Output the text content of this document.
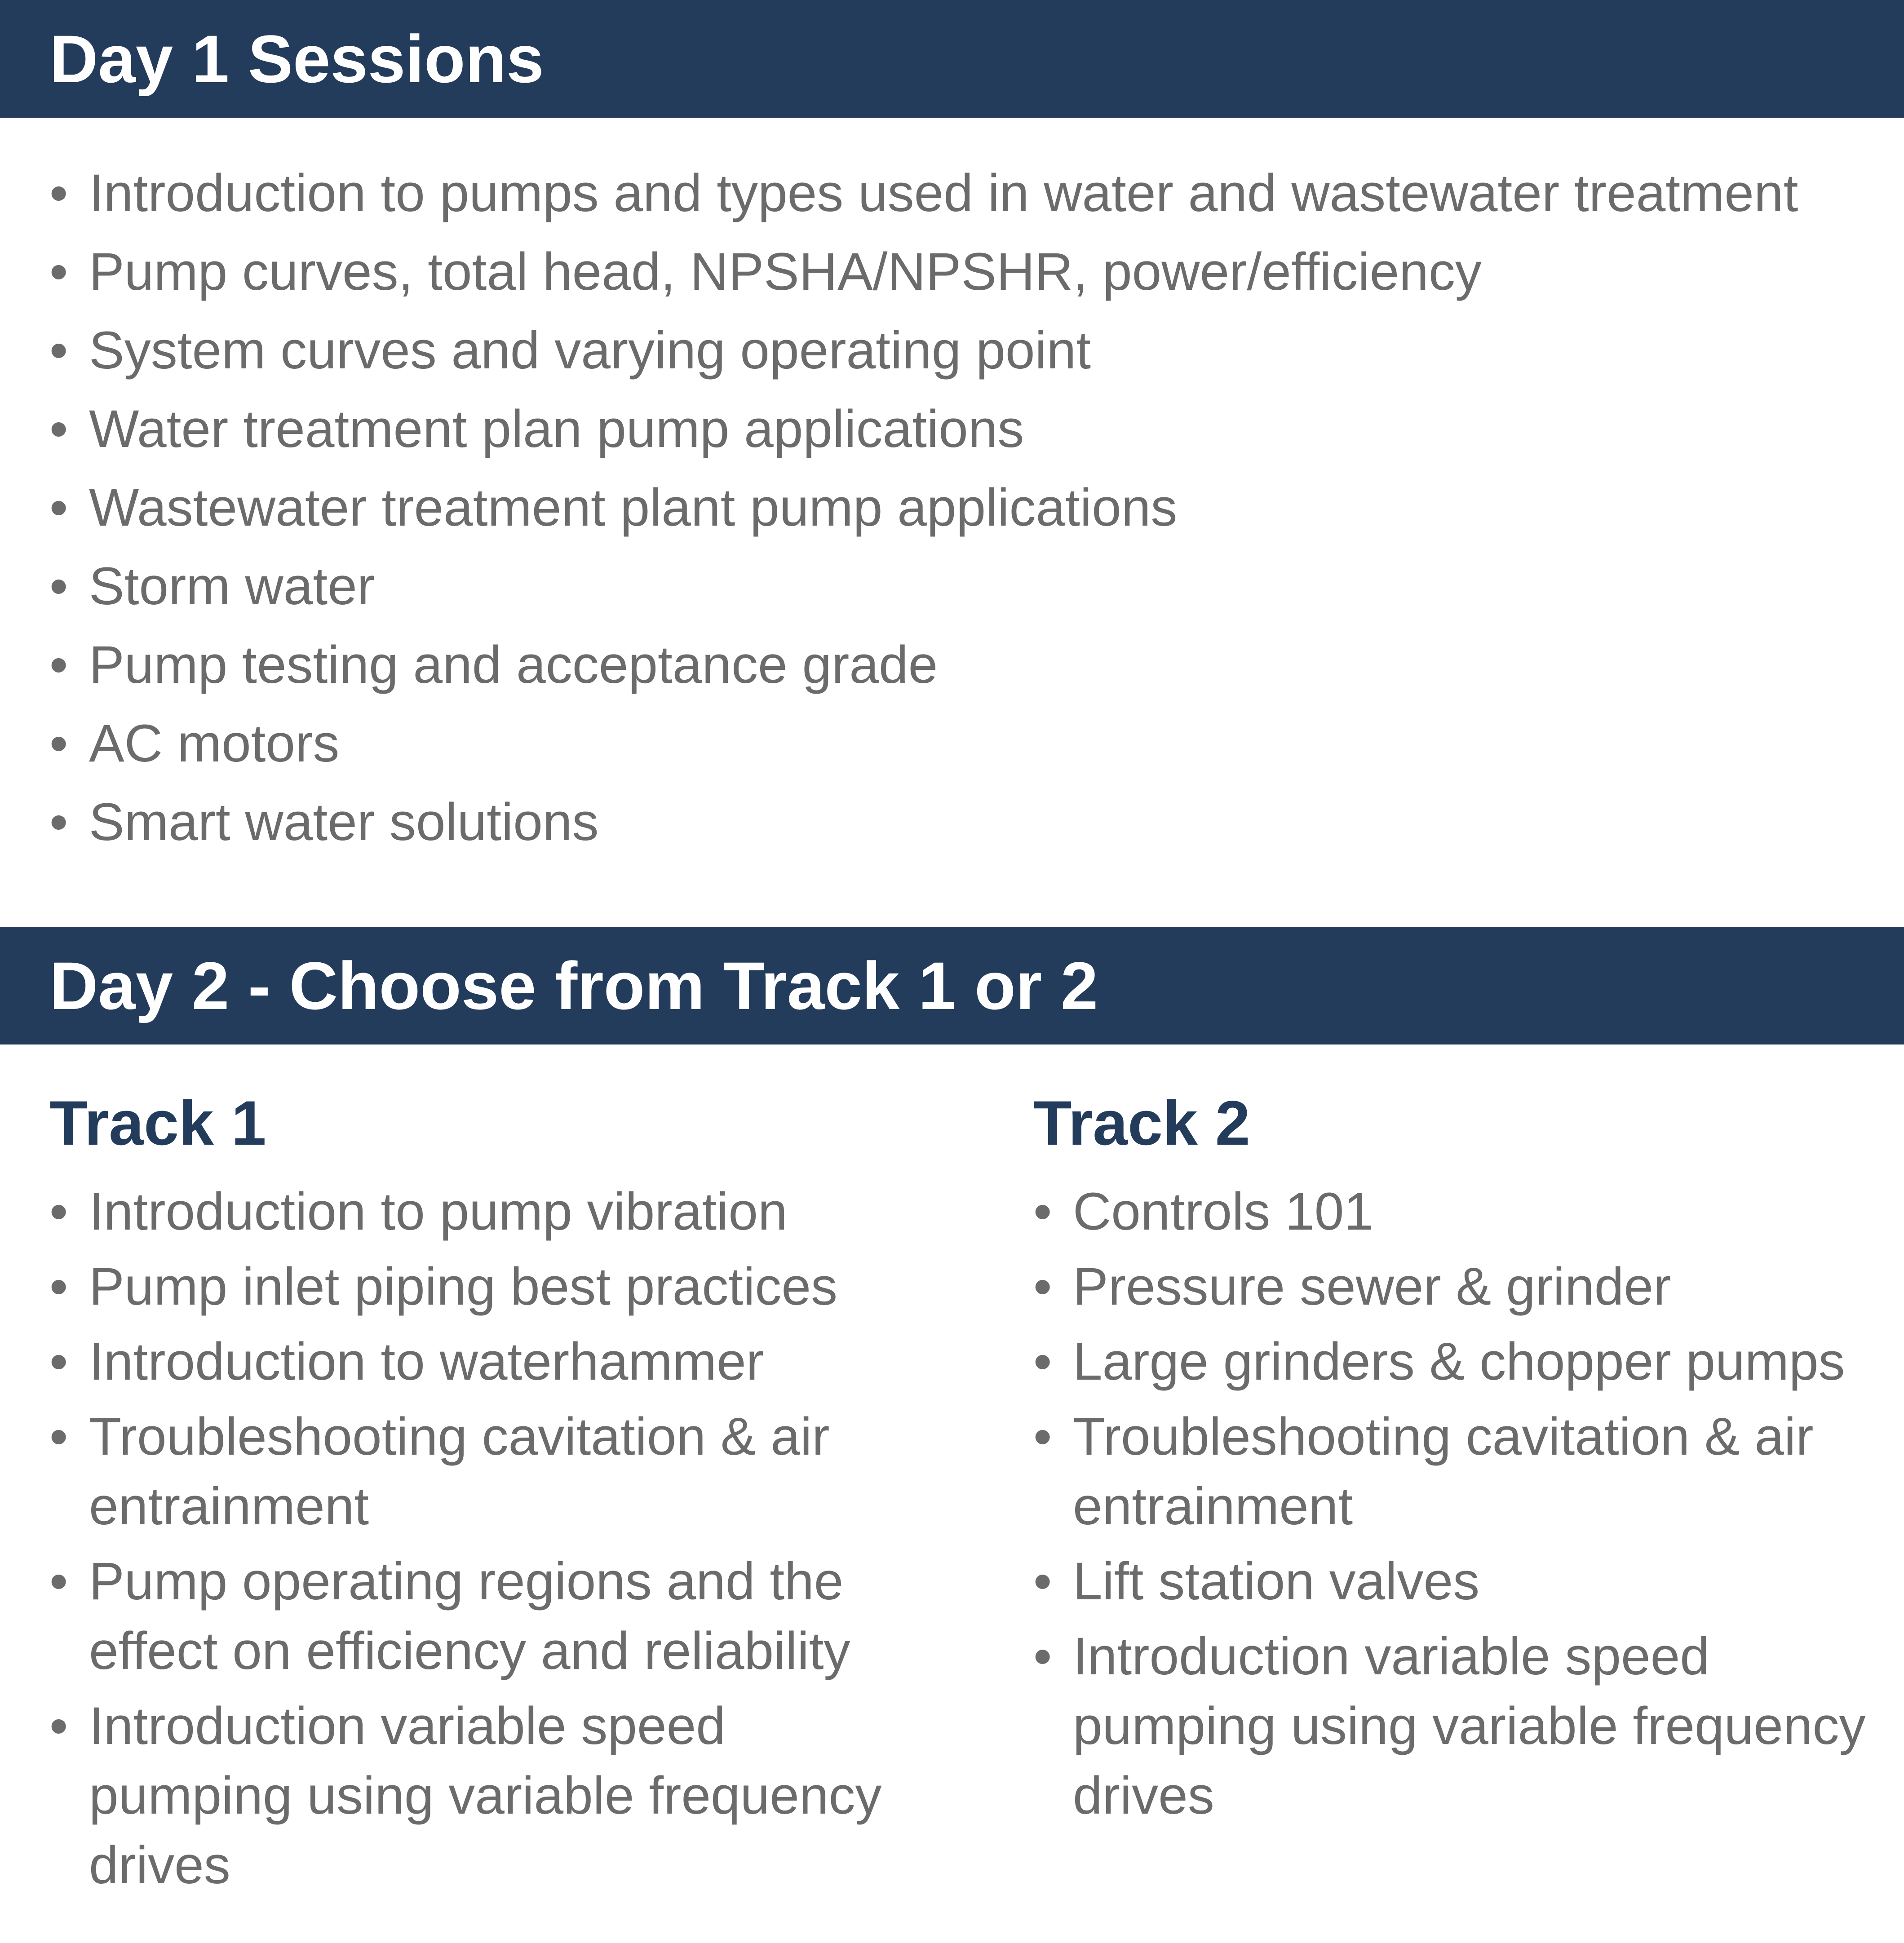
Day 1 Sessions
• Introduction to pumps and types used in water and wastewater treatment
• Pump curves, total head, NPSHA/NPSHR, power/efficiency
• System curves and varying operating point
• Water treatment plan pump applications
• Wastewater treatment plant pump applications
• Storm water
• Pump testing and acceptance grade
• AC motors
• Smart water solutions
Day 2 - Choose from Track 1 or 2
Track 1	Track 2
• Introduction to pump vibration
• Pump inlet piping best practices
• Introduction to waterhammer
• Troubleshooting cavitation & air entrainment
• Pump operating regions and the effect on efficiency and reliability
• Introduction variable speed pumping using variable frequency drives
• Controls 101
• Pressure sewer & grinder
• Large grinders & chopper pumps
• Troubleshooting cavitation & air entrainment
• Lift station valves
• Introduction variable speed pumping using variable frequency drives
